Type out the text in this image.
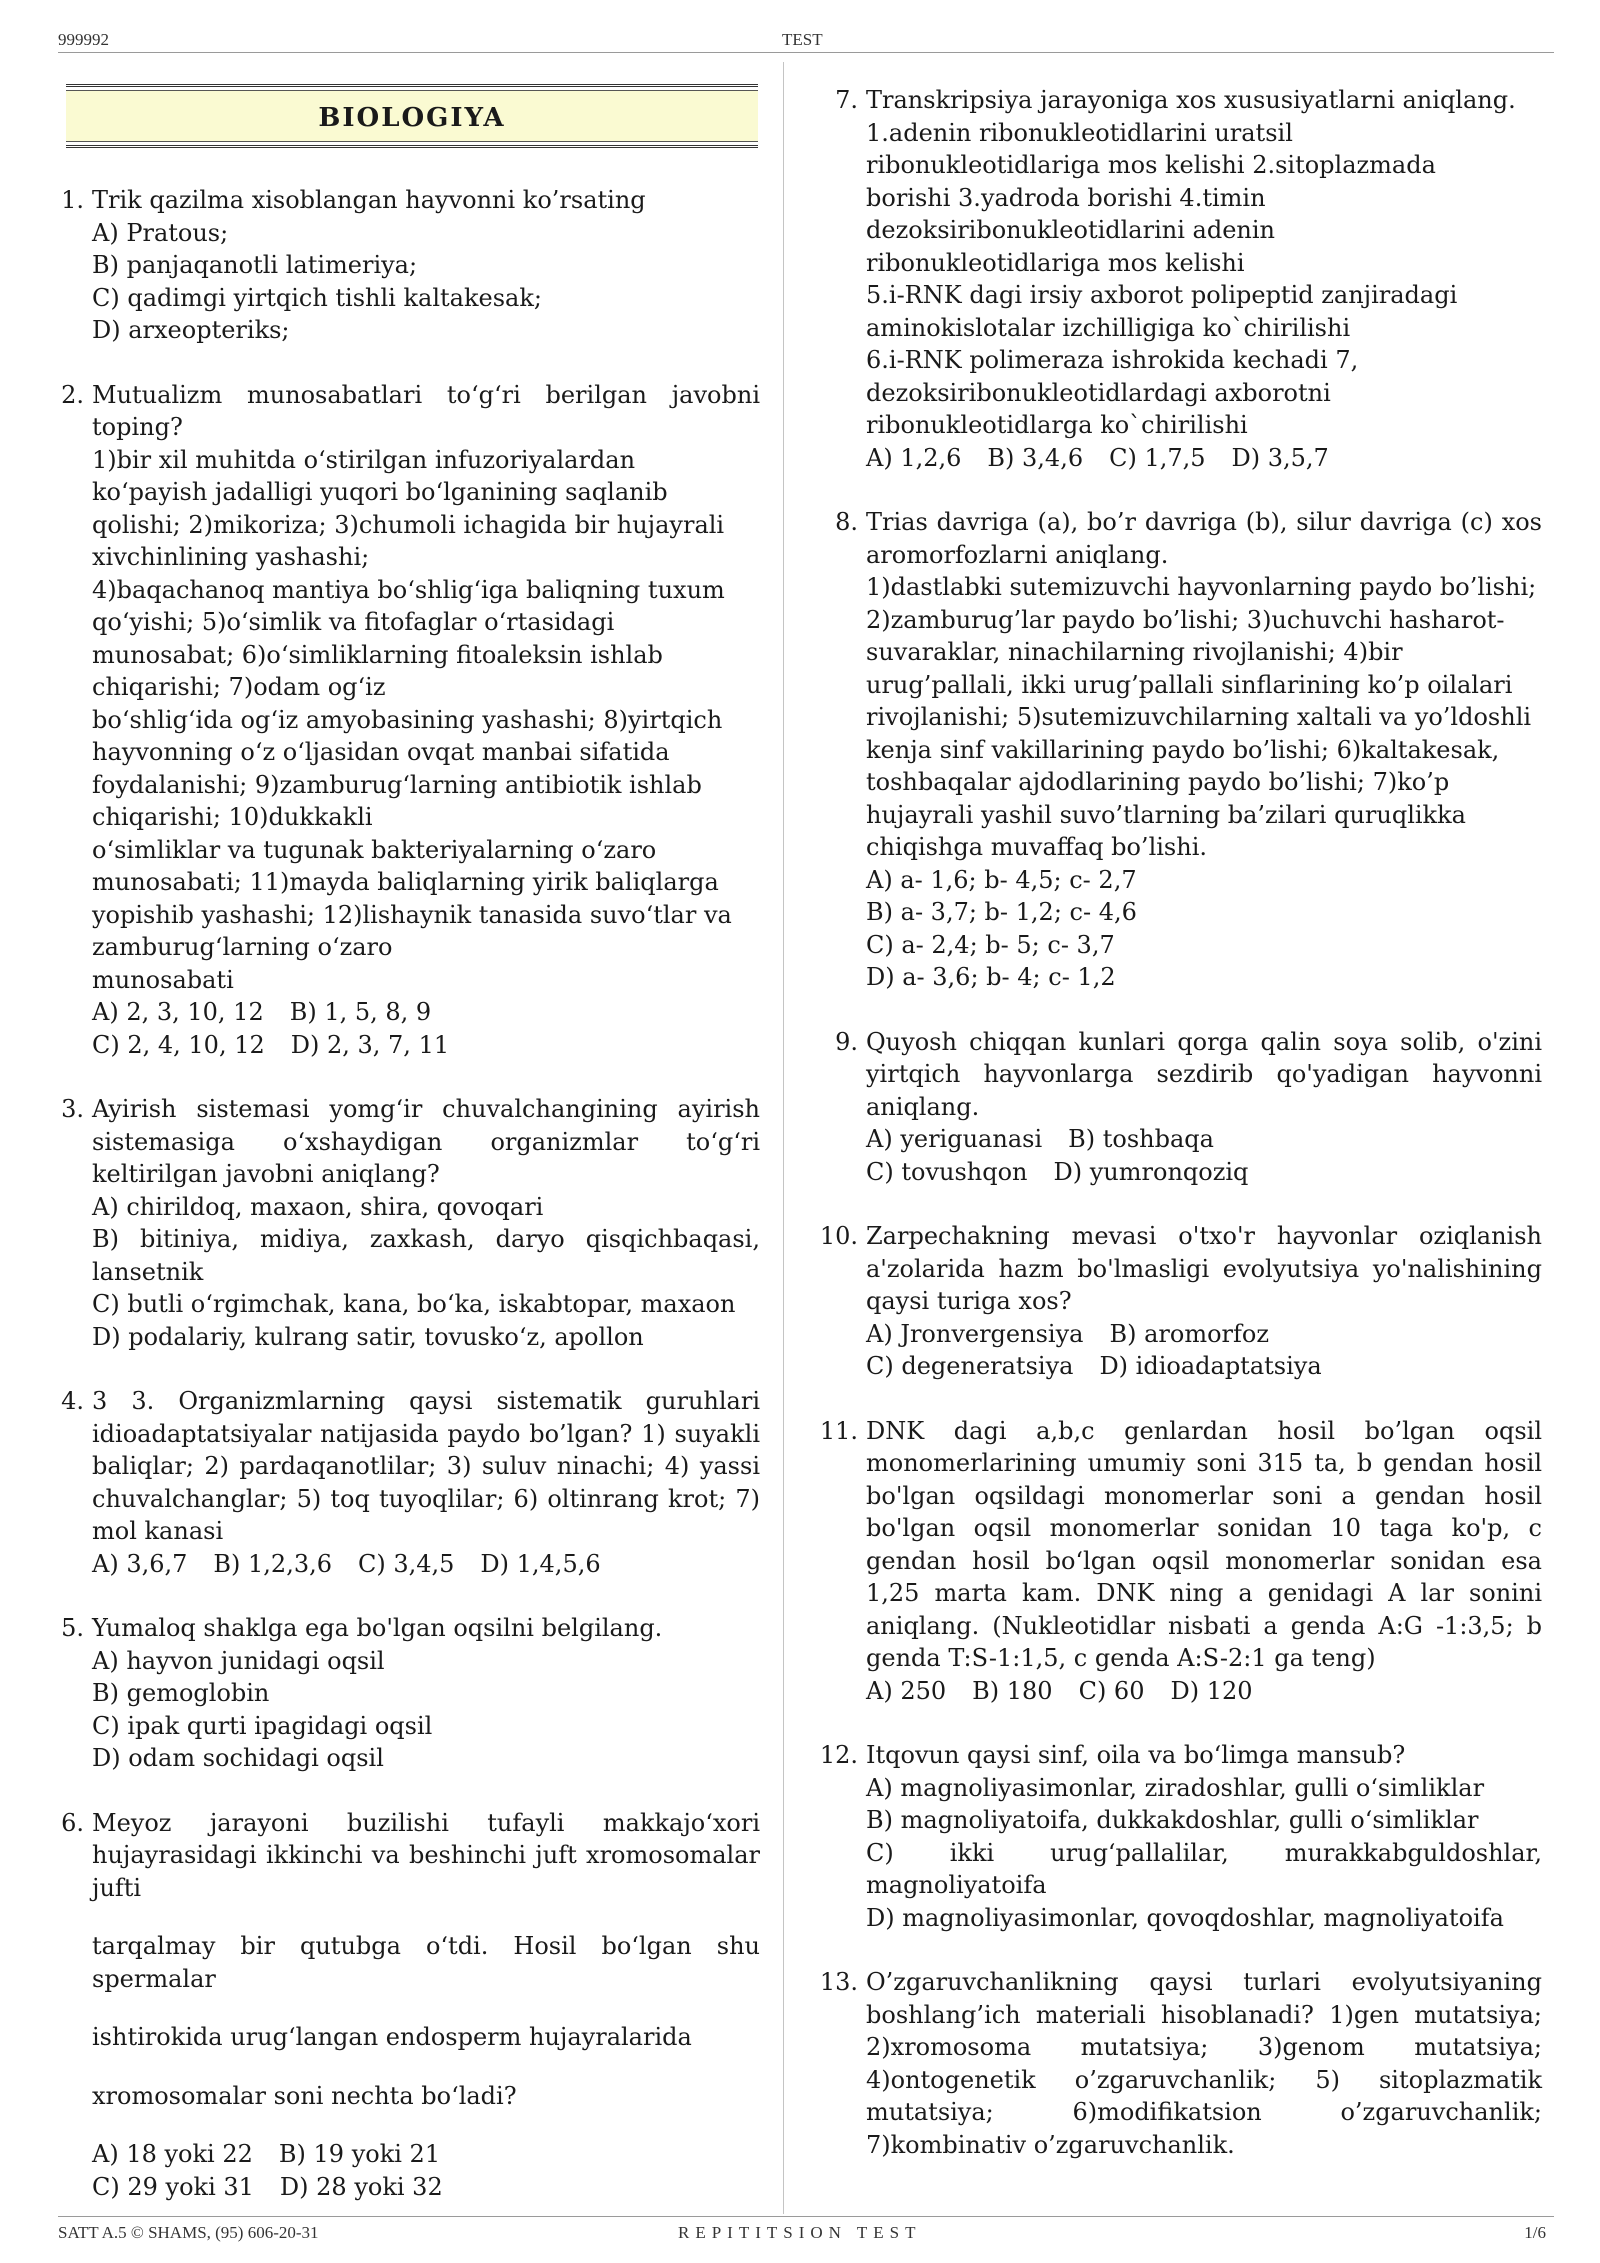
999992	TEST
BIOLOGIYA
1. Trik qazilma xisoblangan hayvonni ko’rsating
A) Pratous;
B) panjaqanotli latimeriya;
C) qadimgi yirtqich tishli kaltakesak;
D) arxeopteriks;
2. Mutualizm munosabatlari toʻgʻri berilgan javobni toping?
1)bir xil muhitda oʻstirilgan infuzoriyalardan
koʻpayish jadalligi yuqori boʻlganining saqlanib
qolishi; 2)mikoriza; 3)chumoli ichagida bir hujayrali
xivchinlining yashashi;
4)baqachanoq mantiya boʻshligʻiga baliqning tuxum
qoʻyishi; 5)oʻsimlik va fitofaglar oʻrtasidagi
munosabat; 6)oʻsimliklarning fitoaleksin ishlab
chiqarishi; 7)odam ogʻiz
boʻshligʻida ogʻiz amyobasining yashashi; 8)yirtqich
hayvonning oʻz oʻljasidan ovqat manbai sifatida
foydalanishi; 9)zamburugʻlarning antibiotik ishlab
chiqarishi; 10)dukkakli
oʻsimliklar va tugunak bakteriyalarning oʻzaro
munosabati; 11)mayda baliqlarning yirik baliqlarga
yopishib yashashi; 12)lishaynik tanasida suvoʻtlar va
zamburugʻlarning oʻzaro
munosabati
A) 2, 3, 10, 12 B) 1, 5, 8, 9
C) 2, 4, 10, 12 D) 2, 3, 7, 11
3. Ayirish sistemasi yomgʻir chuvalchangining ayirish sistemasiga oʻxshaydigan organizmlar toʻgʻri keltirilgan javobni aniqlang?
A) chirildoq, maxaon, shira, qovoqari
B) bitiniya, midiya, zaxkash, daryo qisqichbaqasi, lansetnik
C) butli oʻrgimchak, kana, boʻka, iskabtopar, maxaon
D) podalariy, kulrang satir, tovuskoʻz, apollon
4. 3 3. Organizmlarning qaysi sistematik guruhlari idioadaptatsiyalar natijasida paydo bo’lgan? 1) suyakli baliqlar; 2) pardaqanotlilar; 3) suluv ninachi; 4) yassi chuvalchanglar; 5) toq tuyoqlilar; 6) oltinrang krot; 7) mol kanasi
A) 3,6,7 B) 1,2,3,6 C) 3,4,5 D) 1,4,5,6
5. Yumaloq shaklga ega bo'lgan oqsilni belgilang.
A) hayvon junidagi oqsil
B) gemoglobin
C) ipak qurti ipagidagi oqsil
D) odam sochidagi oqsil
6. Meyoz jarayoni buzilishi tufayli makkajoʻxori hujayrasidagi ikkinchi va beshinchi juft xromosomalar jufti
tarqalmay bir qutubga oʻtdi. Hosil boʻlgan shu spermalar
ishtirokida urugʻlangan endosperm hujayralarida
xromosomalar soni nechta boʻladi?
A) 18 yoki 22 B) 19 yoki 21
C) 29 yoki 31 D) 28 yoki 32
7. Transkripsiya jarayoniga xos xususiyatlarni aniqlang.
1.adenin ribonukleotidlarini uratsil
ribonukleotidlariga mos kelishi 2.sitoplazmada
borishi 3.yadroda borishi 4.timin
dezoksiribonukleotidlarini adenin
ribonukleotidlariga mos kelishi
5.i-RNK dagi irsiy axborot polipeptid zanjiradagi
aminokislotalar izchilligiga ko`chirilishi
6.i-RNK polimeraza ishrokida kechadi 7,
dezoksiribonukleotidlardagi axborotni
ribonukleotidlarga ko`chirilishi
A) 1,2,6 B) 3,4,6 C) 1,7,5 D) 3,5,7
8. Trias davriga (a), bo’r davriga (b), silur davriga (c) xos aromorfozlarni aniqlang.
1)dastlabki sutemizuvchi hayvonlarning paydo bo’lishi;
2)zamburug’lar paydo bo’lishi; 3)uchuvchi hasharot-
suvaraklar, ninachilarning rivojlanishi; 4)bir
urug’pallali, ikki urug’pallali sinflarining ko’p oilalari
rivojlanishi; 5)sutemizuvchilarning xaltali va yo’ldoshli
kenja sinf vakillarining paydo bo’lishi; 6)kaltakesak,
toshbaqalar ajdodlarining paydo bo’lishi; 7)ko’p
hujayrali yashil suvo’tlarning ba’zilari quruqlikka
chiqishga muvaffaq bo’lishi.
A) a- 1,6; b- 4,5; c- 2,7
B) a- 3,7; b- 1,2; c- 4,6
C) a- 2,4; b- 5; c- 3,7
D) a- 3,6; b- 4; c- 1,2
9. Quyosh chiqqan kunlari qorga qalin soya solib, o'zini yirtqich hayvonlarga sezdirib qo'yadigan hayvonni aniqlang.
A) yeriguanasi B) toshbaqa
C) tovushqon D) yumronqoziq
10. Zarpechakning mevasi o'txo'r hayvonlar oziqlanish a'zolarida hazm bo'lmasligi evolyutsiya yo'nalishining qaysi turiga xos?
A) Jronvergensiya B) aromorfoz
C) degeneratsiya D) idioadaptatsiya
11. DNK dagi a,b,c genlardan hosil bo’lgan oqsil monomerlarining umumiy soni 315 ta, b gendan hosil bo'lgan oqsildagi monomerlar soni a gendan hosil bo'lgan oqsil monomerlar sonidan 10 taga ko'p, c gendan hosil boʻlgan oqsil monomerlar sonidan esa 1,25 marta kam. DNK ning a genidagi A lar sonini aniqlang. (Nukleotidlar nisbati a genda A:G -1:3,5; b genda T:S-1:1,5, c genda A:S-2:1 ga teng)
A) 250 B) 180 C) 60 D) 120
12. Itqovun qaysi sinf, oila va boʻlimga mansub?
A) magnoliyasimonlar, ziradoshlar, gulli oʻsimliklar
B) magnoliyatoifa, dukkakdoshlar, gulli oʻsimliklar
C) ikki urugʻpallalilar, murakkabguldoshlar, magnoliyatoifa
D) magnoliyasimonlar, qovoqdoshlar, magnoliyatoifa
13. O’zgaruvchanlikning qaysi turlari evolyutsiyaning boshlang’ich materiali hisoblanadi? 1)gen mutatsiya; 2)xromosoma mutatsiya; 3)genom mutatsiya; 4)ontogenetik o’zgaruvchanlik; 5) sitoplazmatik mutatsiya; 6)modifikatsion o’zgaruvchanlik; 7)kombinativ o’zgaruvchanlik.
SATT A.5 © SHAMS, (95) 606-20-31	REPITITSION TEST	1/6
